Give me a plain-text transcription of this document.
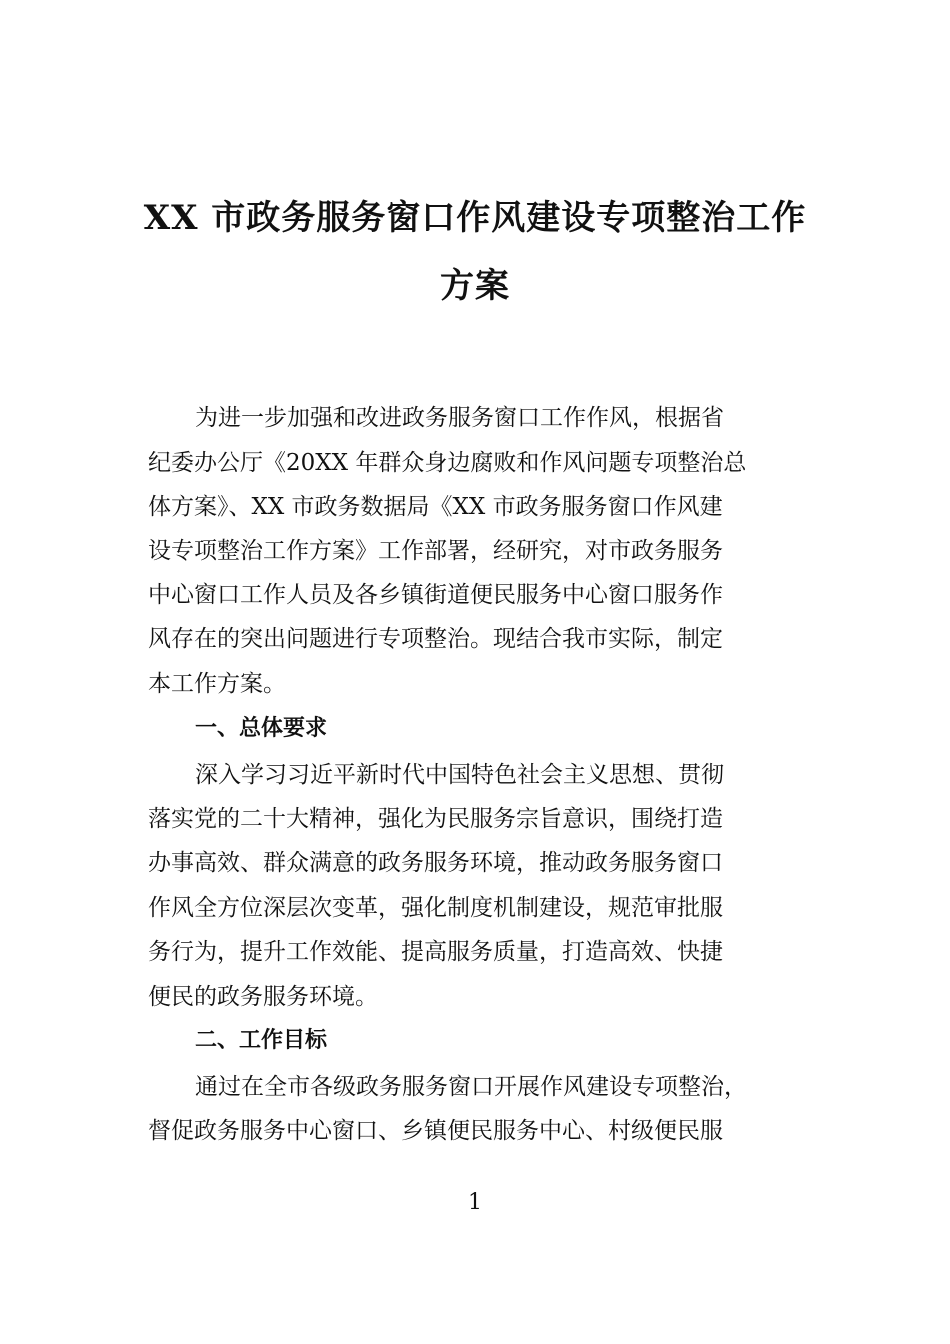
XX 市政务服务窗口作风建设专项整治工作
方案
为进一步加强和改进政务服务窗口工作作风，根据省
纪委办公厅《20XX 年群众身边腐败和作风问题专项整治总
体方案》、XX 市政务数据局《XX 市政务服务窗口作风建
设专项整治工作方案》工作部署，经研究，对市政务服务
中心窗口工作人员及各乡镇街道便民服务中心窗口服务作
风存在的突出问题进行专项整治。现结合我市实际，制定
本工作方案。
一、总体要求
深入学习习近平新时代中国特色社会主义思想、贯彻
落实党的二十大精神，强化为民服务宗旨意识，围绕打造
办事高效、群众满意的政务服务环境，推动政务服务窗口
作风全方位深层次变革，强化制度机制建设，规范审批服
务行为，提升工作效能、提高服务质量，打造高效、快捷
便民的政务服务环境。
二、工作目标
通过在全市各级政务服务窗口开展作风建设专项整治，
督促政务服务中心窗口、乡镇便民服务中心、村级便民服
1
